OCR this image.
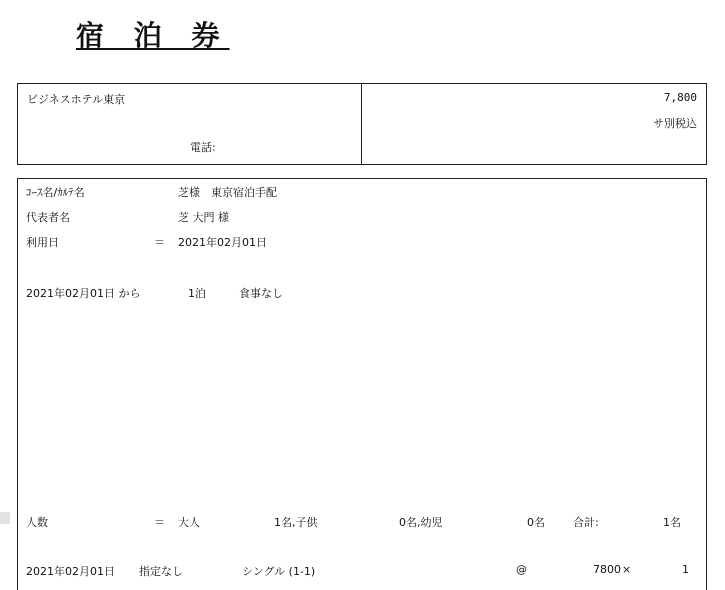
宿 泊 券
ビジネスホテル東京
電話:
7,800
サ別税込
ｺｰｽ名/ｶﾙﾃ名	芝様　東京宿泊手配
代表者名	芝 大門 様
利用日	＝ 2021年02月01日
2021年02月01日 から	1泊	食事なし
人数	＝ 大人	1名,子供	0名,幼児	0名	合計:	1名
2021年02月01日 指定なし	シングル (1-1)	@	7800 ×	1
